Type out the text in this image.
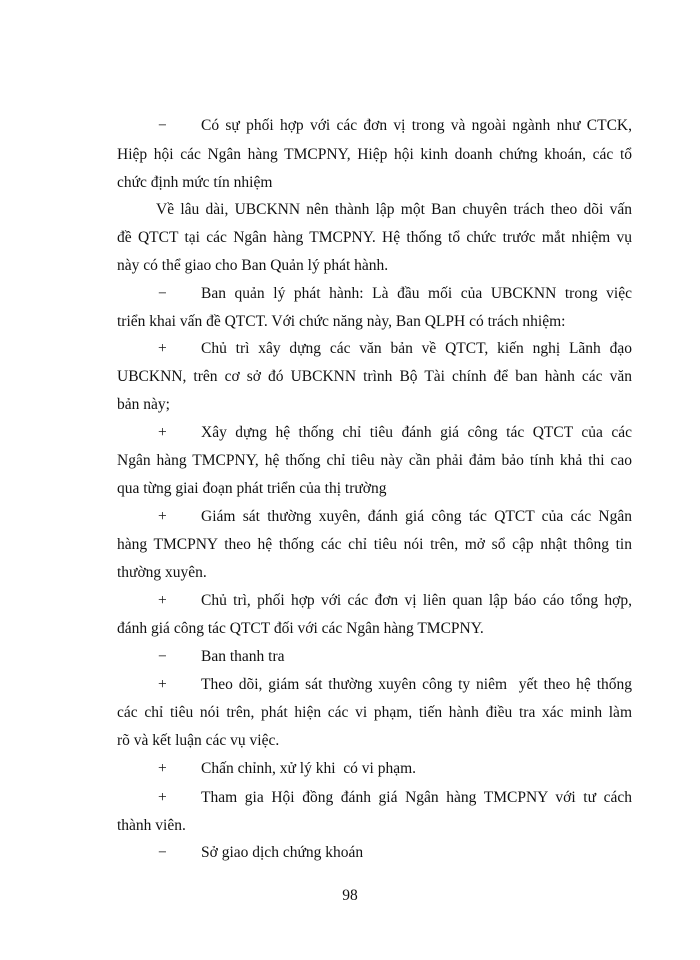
−	Có sự phối hợp với các đơn vị trong và ngoài ngành như CTCK,
Hiệp hội các Ngân hàng TMCPNY, Hiệp hội kinh doanh chứng khoán, các tổ
chức định mức tín nhiệm
Về lâu dài, UBCKNN nên thành lập một Ban chuyên trách theo dõi vấn
đề QTCT tại các Ngân hàng TMCPNY. Hệ thống tổ chức trước mắt nhiệm vụ
này có thể giao cho Ban Quản lý phát hành.
−	Ban quản lý phát hành: Là đầu mối của UBCKNN trong việc
triển khai vấn đề QTCT. Với chức năng này, Ban QLPH có trách nhiệm:
+	Chủ trì xây dựng các văn bản về QTCT, kiến nghị Lãnh đạo
UBCKNN, trên cơ sở đó UBCKNN trình Bộ Tài chính để ban hành các văn
bản này;
+	Xây dựng hệ thống chỉ tiêu đánh giá công tác QTCT của các
Ngân hàng TMCPNY, hệ thống chỉ tiêu này cần phải đảm bảo tính khả thi cao
qua từng giai đoạn phát triển của thị trường
+	Giám sát thường xuyên, đánh giá công tác QTCT của các Ngân
hàng TMCPNY theo hệ thống các chỉ tiêu nói trên, mở sổ cập nhật thông tin
thường xuyên.
+	Chủ trì, phối hợp với các đơn vị liên quan lập báo cáo tổng hợp,
đánh giá công tác QTCT đối với các Ngân hàng TMCPNY.
−	Ban thanh tra
+	Theo dõi, giám sát thường xuyên công ty niêm  yết theo hệ thống
các chỉ tiêu nói trên, phát hiện các vi phạm, tiến hành điều tra xác minh làm
rõ và kết luận các vụ việc.
+	Chấn chỉnh, xử lý khi  có vi phạm.
+	Tham gia Hội đồng đánh giá Ngân hàng TMCPNY với tư cách
thành viên.
−	Sở giao dịch chứng khoán
98
